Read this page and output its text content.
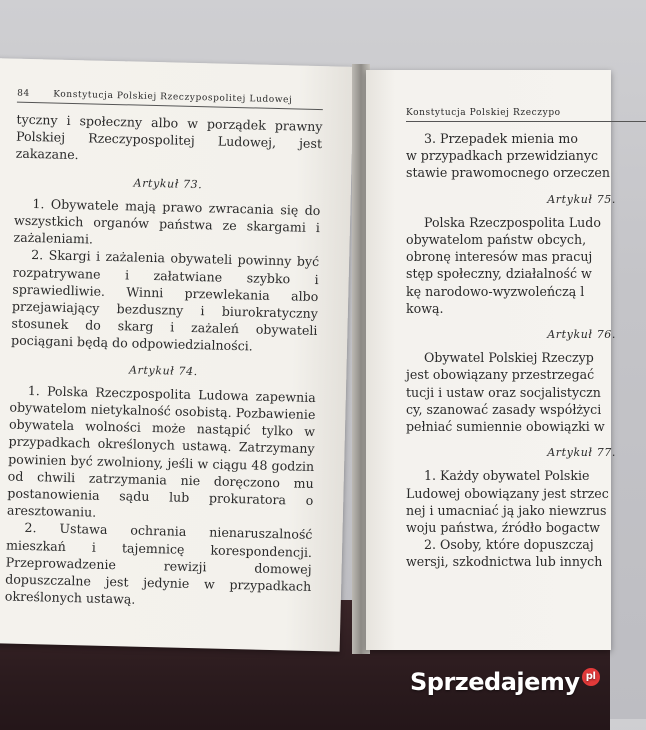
84	Konstytucja Polskiej Rzeczypospolitej Ludowej

tyczny i społeczny albo w porządek prawny Polskiej Rzeczypospolitej Ludowej, jest zakazane.

Artykuł 73.

1. Obywatele mają prawo zwracania się do wszystkich organów państwa ze skargami i zażaleniami.

2. Skargi i zażalenia obywateli powinny być rozpatrywane i załatwiane szybko i sprawiedliwie. Winni przewlekania albo przejawiający bezduszny i biurokratyczny stosunek do skarg i zażaleń obywateli pociągani będą do odpowiedzialności.

Artykuł 74.

1. Polska Rzeczpospolita Ludowa zapewnia obywatelom nietykalność osobistą. Pozbawienie obywatela wolności może nastąpić tylko w przypadkach określonych ustawą. Zatrzymany powinien być zwolniony, jeśli w ciągu 48 godzin od chwili zatrzymania nie doręczono mu postanowienia sądu lub prokuratora o aresztowaniu.

2. Ustawa ochrania nienaruszalność mieszkań i tajemnicę korespondencji. Przeprowadzenie rewizji domowej dopuszczalne jest jedynie w przypadkach określonych ustawą.

Konstytucja Polskiej Rzeczypo
3. Przepadek mienia mo
w przypadkach przewidzianyc
stawie prawomocnego orzeczen
Artykuł 75.
Polska Rzeczpospolita Ludo
obywatelom państw obcych,
obronę interesów mas pracuj
stęp społeczny, działalność w
kę narodowo-wyzwoleńczą l
kową.
Artykuł 76.
Obywatel Polskiej Rzeczyp
jest obowiązany przestrzegać
tucji i ustaw oraz socjalistyczn
cy, szanować zasady współżyci
pełniać sumiennie obowiązki w
Artykuł 77.
1. Każdy obywatel Polskie
Ludowej obowiązany jest strzec
nej i umacniać ją jako niewzrus
woju państwa, źródło bogactw
2. Osoby, które dopuszczaj
wersji, szkodnictwa lub innych
Sprzedajemy pl
